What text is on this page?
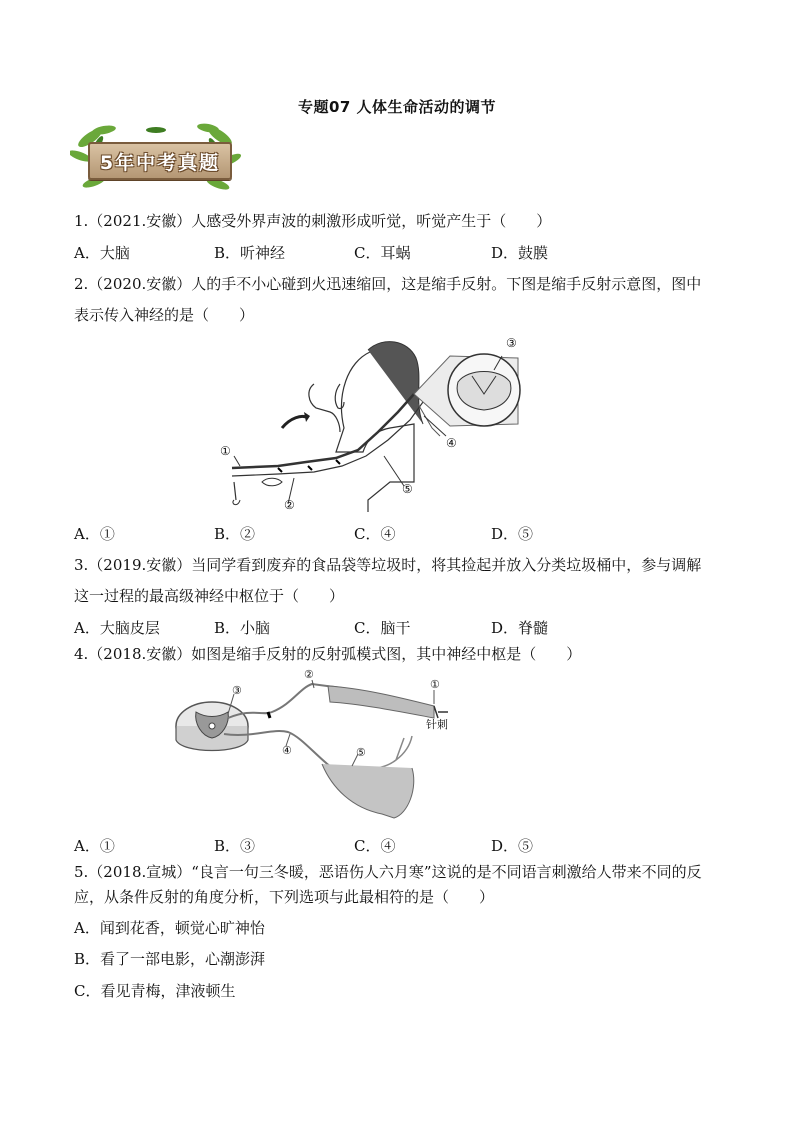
专题07 人体生命活动的调节
5年中考真题
1.（2021.安徽）人感受外界声波的刺激形成听觉，听觉产生于（　　）
A．大脑	B．听神经	C．耳蜗	D．鼓膜
2.（2020.安徽）人的手不小心碰到火迅速缩回，这是缩手反射。下图是缩手反射示意图，图中
表示传入神经的是（　　）
①
②
③
④
⑤
A．①	B．②	C．④	D．⑤
3.（2019.安徽）当同学看到废弃的食品袋等垃圾时，将其捡起并放入分类垃圾桶中，参与调解
这一过程的最高级神经中枢位于（　　）
A．大脑皮层	B．小脑	C．脑干	D．脊髓
4.（2018.安徽）如图是缩手反射的反射弧模式图，其中神经中枢是（　　）
①
②
③
④	⑤
针刺
A．①	B．③	C．④	D．⑤
5.（2018.宣城）“良言一句三冬暖，恶语伤人六月寒”这说的是不同语言刺激给人带来不同的反
应，从条件反射的角度分析，下列选项与此最相符的是（　　）
A．闻到花香，顿觉心旷神怡
B．看了一部电影，心潮澎湃
C．看见青梅，津液顿生
